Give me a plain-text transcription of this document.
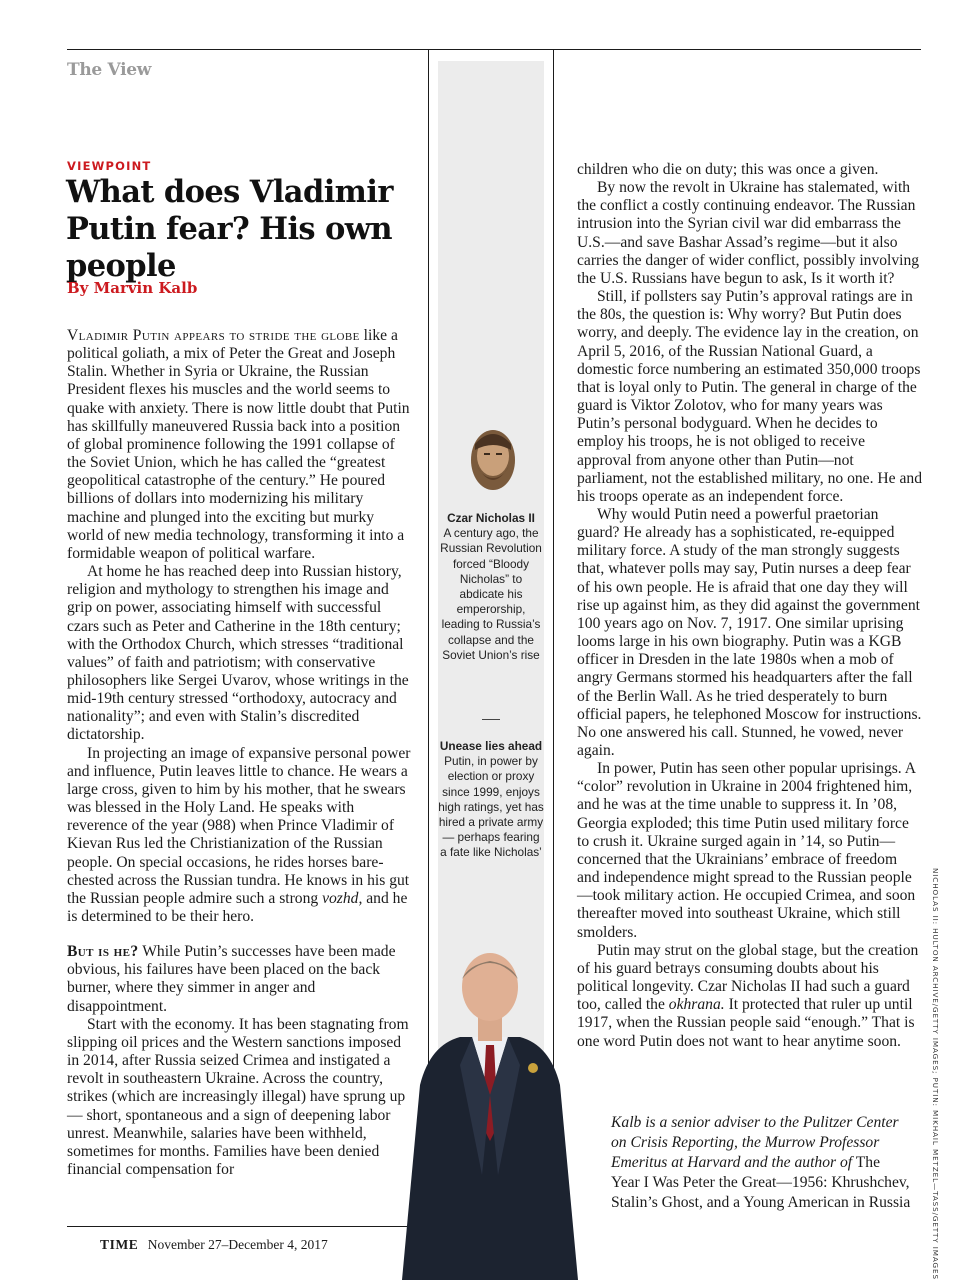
The View
VIEWPOINT
What does Vladimir Putin fear? His own people
By Marvin Kalb
Czar Nicholas II
A century ago, the Russian Revolution forced “Bloody Nicholas” to abdicate his emperorship, leading to Russia’s collapse and the Soviet Union’s rise
Unease lies ahead
Putin, in power by election or proxy since 1999, enjoys high ratings, yet has hired a private army— perhaps fearing a fate like Nicholas’

Vladimir Putin appears to stride the globe like a political goliath, a mix of Peter the Great and Joseph Stalin. Whether in Syria or Ukraine, the Russian President flexes his muscles and the world seems to quake with anxiety. There is now little doubt that Putin has skillfully maneuvered Russia back into a position of global prominence following the 1991 collapse of the Soviet Union, which he has called the “greatest geopolitical catastrophe of the century.” He poured billions of dollars into modernizing his military machine and plunged into the exciting but murky world of new media technology, transforming it into a formidable weapon of political warfare.

At home he has reached deep into Russian history, religion and mythology to strengthen his image and grip on power, associating himself with successful czars such as Peter and Catherine in the 18th century; with the Orthodox Church, which stresses “traditional values” of faith and patriotism; with conservative philosophers like Sergei Uvarov, whose writings in the mid-19th century stressed “orthodoxy, autocracy and nationality”; and even with Stalin’s discredited dictatorship.

In projecting an image of expansive personal power and influence, Putin leaves little to chance. He wears a large cross, given to him by his mother, that he swears was blessed in the Holy Land. He speaks with reverence of the year (988) when Prince Vladimir of Kievan Rus led the Christianization of the Russian people. On special occasions, he rides horses bare-chested across the Russian tundra. He knows in his gut the Russian people admire such a strong vozhd, and he is determined to be their hero.

But is he? While Putin’s successes have been made obvious, his failures have been placed on the back burner, where they simmer in anger and disappointment.

Start with the economy. It has been stagnating from slipping oil prices and the Western sanctions imposed in 2014, after Russia seized Crimea and instigated a revolt in southeastern Ukraine. Across the country, strikes (which are increasingly illegal) have sprung up— short, spontaneous and a sign of deepening labor unrest. Meanwhile, salaries have been withheld, sometimes for months. Families have been denied financial compensation for

children who die on duty; this was once a given.

By now the revolt in Ukraine has stalemated, with the conflict a costly continuing endeavor. The Russian intrusion into the Syrian civil war did embarrass the U.S.—and save Bashar Assad’s regime—but it also carries the danger of wider conflict, possibly involving the U.S. Russians have begun to ask, Is it worth it?

Still, if pollsters say Putin’s approval ratings are in the 80s, the question is: Why worry? But Putin does worry, and deeply. The evidence lay in the creation, on April 5, 2016, of the Russian National Guard, a domestic force numbering an estimated 350,000 troops that is loyal only to Putin. The general in charge of the guard is Viktor Zolotov, who for many years was Putin’s personal bodyguard. When he decides to employ his troops, he is not obliged to receive approval from anyone other than Putin—not parliament, not the established military, no one. He and his troops operate as an independent force.

Why would Putin need a powerful praetorian guard? He already has a sophisticated, re-equipped military force. A study of the man strongly suggests that, whatever polls may say, Putin nurses a deep fear of his own people. He is afraid that one day they will rise up against him, as they did against the government 100 years ago on Nov. 7, 1917. One similar uprising looms large in his own biography. Putin was a KGB officer in Dresden in the late 1980s when a mob of angry Germans stormed his headquarters after the fall of the Berlin Wall. As he tried desperately to burn official papers, he telephoned Moscow for instructions. No one answered his call. Stunned, he vowed, never again.

In power, Putin has seen other popular uprisings. A “color” revolution in Ukraine in 2004 frightened him, and he was at the time unable to suppress it. In ’08, Georgia exploded; this time Putin used military force to crush it. Ukraine surged again in ’14, so Putin—concerned that the Ukrainians’ embrace of freedom and independence might spread to the Russian people—took military action. He occupied Crimea, and soon thereafter moved into southeast Ukraine, which still smolders.

Putin may strut on the global stage, but the creation of his guard betrays consuming doubts about his political longevity. Czar Nicholas II had such a guard too, called the okhrana. It protected that ruler up until 1917, when the Russian people said “enough.” That is one word Putin does not want to hear anytime soon.

Kalb is a senior adviser to the Pulitzer Center on Crisis Reporting, the Murrow Professor Emeritus at Harvard and the author of The Year I Was Peter the Great—1956: Khrushchev, Stalin’s Ghost, and a Young American in Russia	NICHOLAS II: HULTON ARCHIVE/GETTY IMAGES; PUTIN: MIKHAIL METZEL—TASS/GETTY IMAGES
TIME November 27–December 4, 2017
